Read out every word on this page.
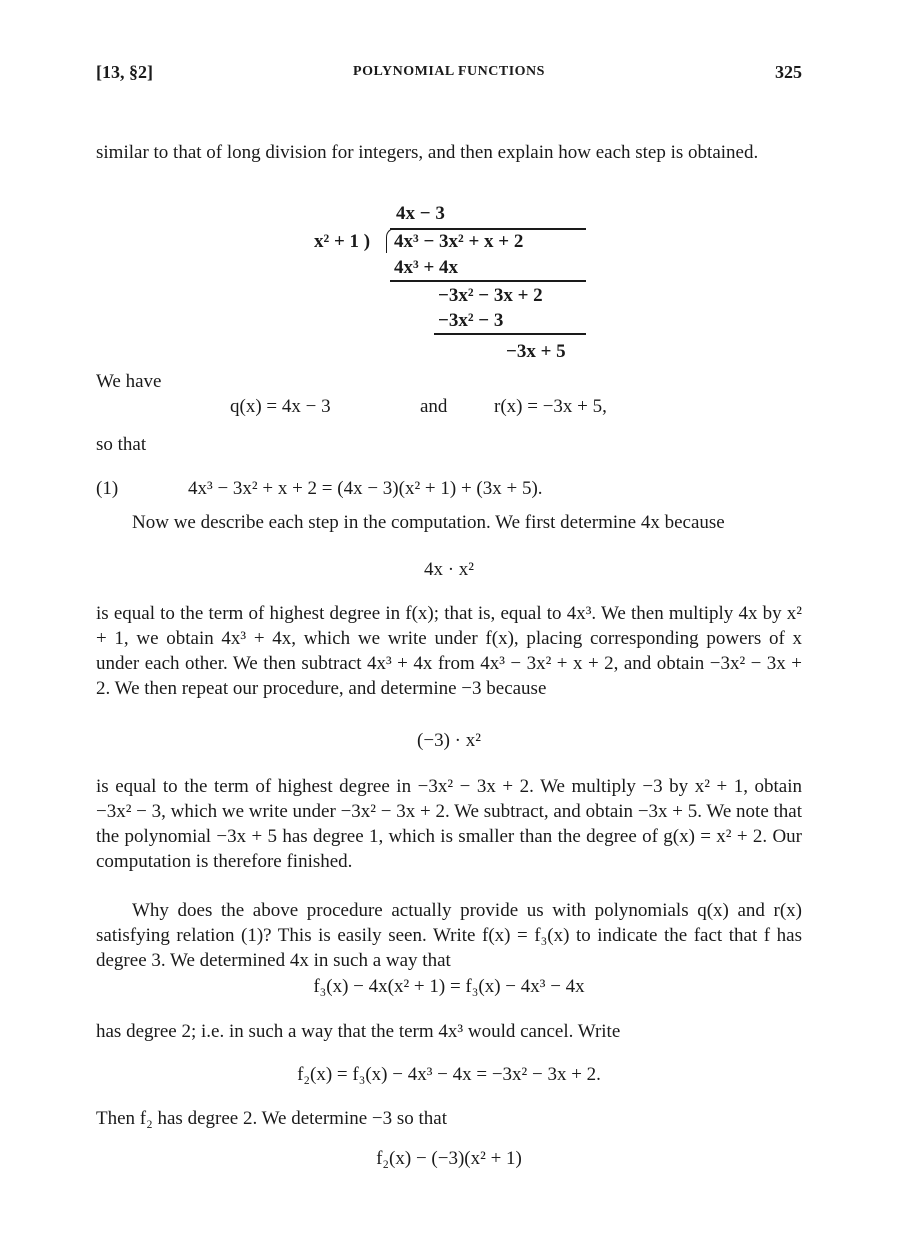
[13, §2]	POLYNOMIAL FUNCTIONS	325
similar to that of long division for integers, and then explain how each step is obtained.
4x − 3
x² + 1 ) 4x³ − 3x² + x + 2
4x³ + 4x
−3x² − 3x + 2
−3x² − 3
−3x + 5
We have
q(x) = 4x − 3	and r(x) = −3x + 5,
so that
(1)	4x³ − 3x² + x + 2 = (4x − 3)(x² + 1) + (3x + 5).
Now we describe each step in the computation. We first determine 4x because
4x · x²
is equal to the term of highest degree in f(x); that is, equal to 4x³. We then multiply 4x by x² + 1, we obtain 4x³ + 4x, which we write under f(x), placing corresponding powers of x under each other. We then subtract 4x³ + 4x from 4x³ − 3x² + x + 2, and obtain −3x² − 3x + 2. We then repeat our procedure, and determine −3 because
(−3) · x²
is equal to the term of highest degree in −3x² − 3x + 2. We multiply −3 by x² + 1, obtain −3x² − 3, which we write under −3x² − 3x + 2. We subtract, and obtain −3x + 5. We note that the polynomial −3x + 5 has degree 1, which is smaller than the degree of g(x) = x² + 2. Our computation is therefore finished.
Why does the above procedure actually provide us with polynomials q(x) and r(x) satisfying relation (1)? This is easily seen. Write f(x) = f₃(x) to indicate the fact that f has degree 3. We determined 4x in such a way that
f₃(x) − 4x(x² + 1) = f₃(x) − 4x³ − 4x
has degree 2; i.e. in such a way that the term 4x³ would cancel. Write
f₂(x) = f₃(x) − 4x³ − 4x = −3x² − 3x + 2.
Then f₂ has degree 2. We determine −3 so that
f₂(x) − (−3)(x² + 1)
